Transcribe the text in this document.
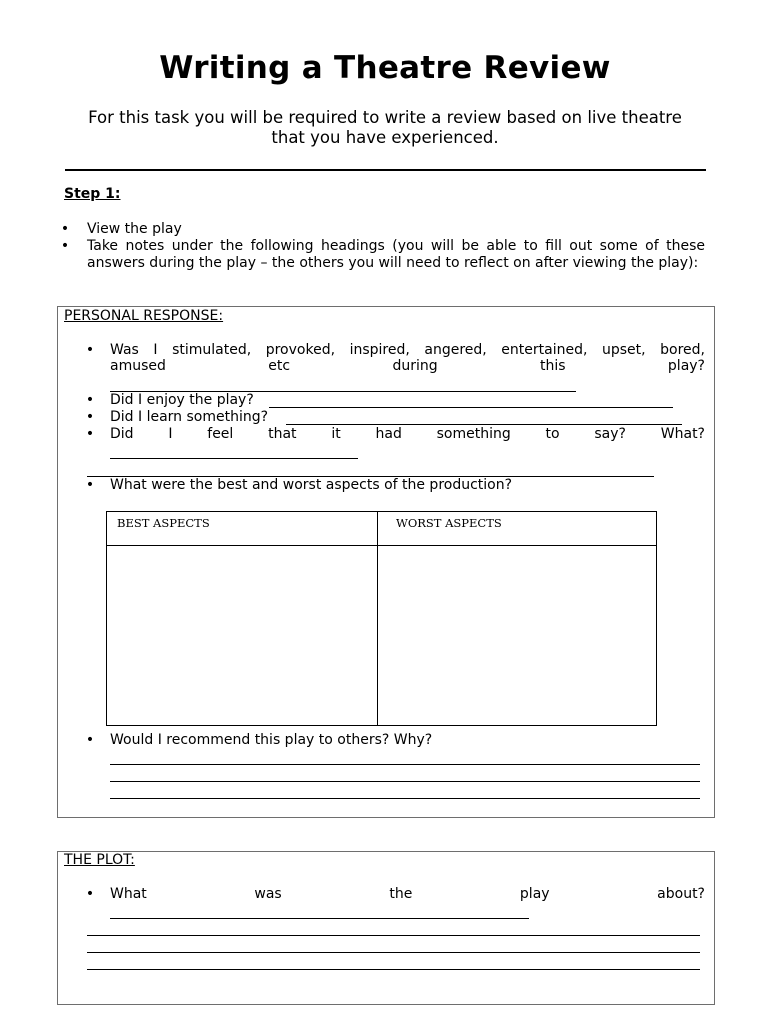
Writing a Theatre Review
For this task you will be required to write a review based on live theatre that you have experienced.
Step 1:
• View the play
• Take notes under the following headings (you will be able to fill out some of these answers during the play – the others you will need to reflect on after viewing the play):
PERSONAL RESPONSE:
• Was I stimulated, provoked, inspired, angered, entertained, upset, bored,
amused etc during this play?
• Did I enjoy the play?
• Did I learn something?
• Did I feel that it had something to say? What?
• What were the best and worst aspects of the production?
BEST ASPECTS	WORST ASPECTS
• Would I recommend this play to others? Why?
THE PLOT:
• What was the play about?
